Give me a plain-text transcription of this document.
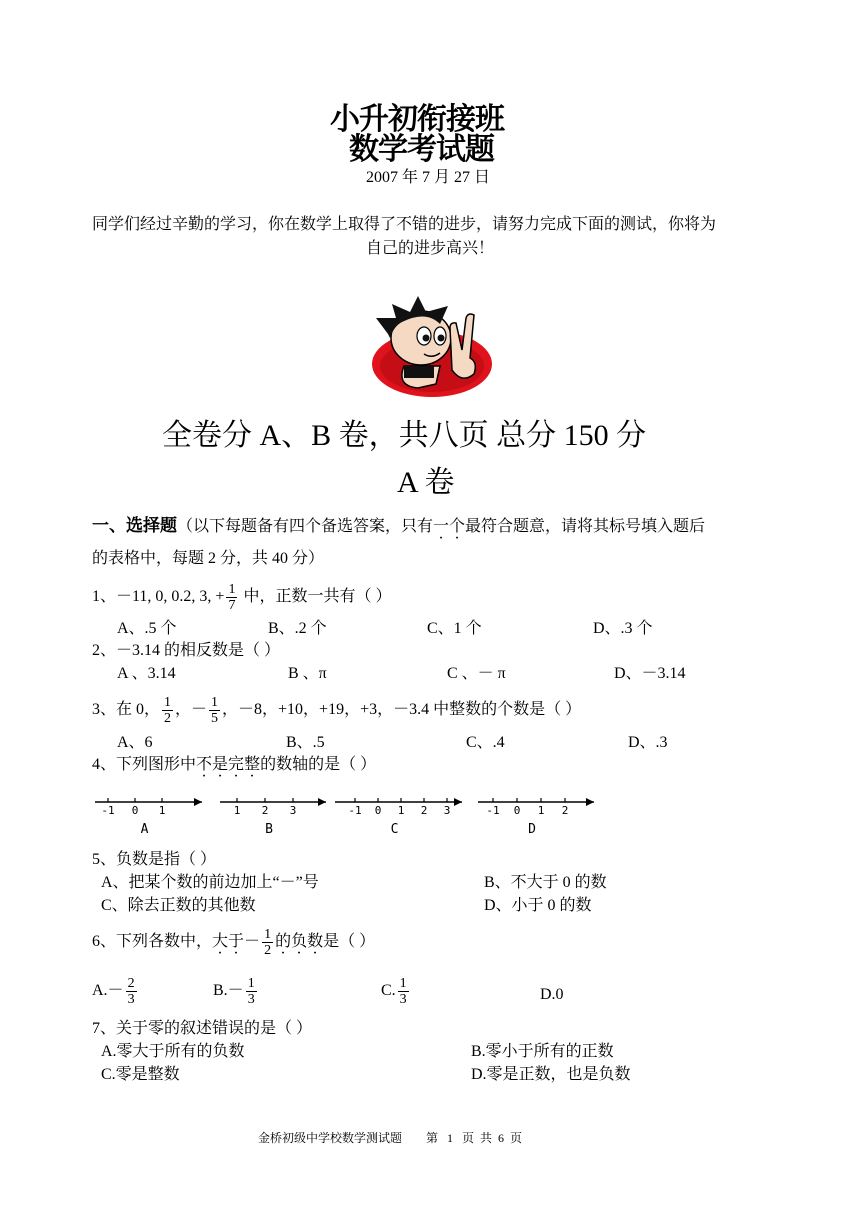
小升初衔接班
数学考试题
2007 年 7 月 27 日
同学们经过辛勤的学习，你在数学上取得了不错的进步，请努力完成下面的测试，你将为
自己的进步高兴！
全卷分 A、B 卷，共八页 总分 150 分
A 卷
一、选择题（以下每题备有四个备选答案，只有一个最符合题意，请将其标号填入题后
的表格中，每题 2 分，共 40 分）
1、－11, 0, 0.2, 3, + $\frac{1}{7}$ 中，正数一共有（ ）
A、.5 个	B、.2 个	C、1 个	D、.3 个
2、－3.14 的相反数是（ ）
A 、3.14	B 、π	C 、－ π	D、－3.14
3、在 0， $\frac{1}{2}$ ，－ $\frac{1}{5}$ ，－8，+10，+19，+3，－3.4 中整数的个数是（ ）
A、6	B、.5	C、.4	D、.3
4、下列图形中不是完整的数轴的是（ ）
-1 0 1
A
1 2 3
B
-1 0 1 2 3
C
-1 0 1 2
D
5、负数是指（ ）
A、把某个数的前边加上“－”号	B、不大于 0 的数
C、除去正数的其他数	D、小于 0 的数
6、下列各数中，大于－ $\frac{1}{2}$ 的负数是（ ）
$A.- \frac{2}{3}$	$B.- \frac{1}{3}$	C. $\frac{1}{3}$	D.0
7、关于零的叙述错误的是（ ）
A.零大于所有的负数	B.零小于所有的正数
C.零是整数	D.零是正数，也是负数
金桥初级中学校数学测试题        第   1   页  共  6  页
